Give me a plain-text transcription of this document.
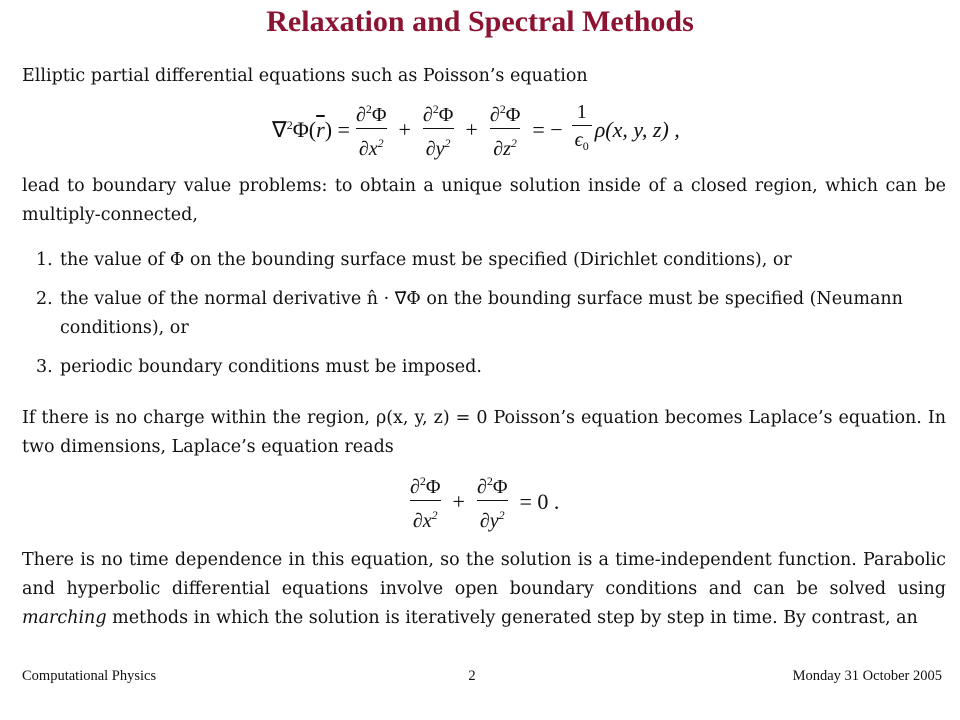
Relaxation and Spectral Methods

Elliptic partial differential equations such as Poisson’s equation

$\nabla^2\Phi(\overline{r}) = \frac{\partial^2\Phi}{\partial x^2} + \frac{\partial^2\Phi}{\partial y^2} + \frac{\partial^2\Phi}{\partial z^2}$ = − $\frac{1}{\epsilon_0} \rho(x$, y, z) ,

lead to boundary value problems: to obtain a unique solution inside of a closed region, which can be multiply-connected,

1. the value of Φ on the bounding surface must be specified (Dirichlet conditions), or
2. the value of the normal derivative n̂ · ∇⃗Φ on the bounding surface must be specified (Neumann conditions), or
3. periodic boundary conditions must be imposed.

If there is no charge within the region, ρ(x, y, z) = 0 Poisson’s equation becomes Laplace’s equation. In two dimensions, Laplace’s equation reads

$\frac{\partial^2\Phi}{\partial x^2} + \frac{\partial^2\Phi}{\partial y^2} = 0$ .

There is no time dependence in this equation, so the solution is a time-independent function. Parabolic and hyperbolic differential equations involve open boundary conditions and can be solved using marching methods in which the solution is iteratively generated step by step in time. By contrast, an

Computational Physics	2	Monday 31 October 2005
